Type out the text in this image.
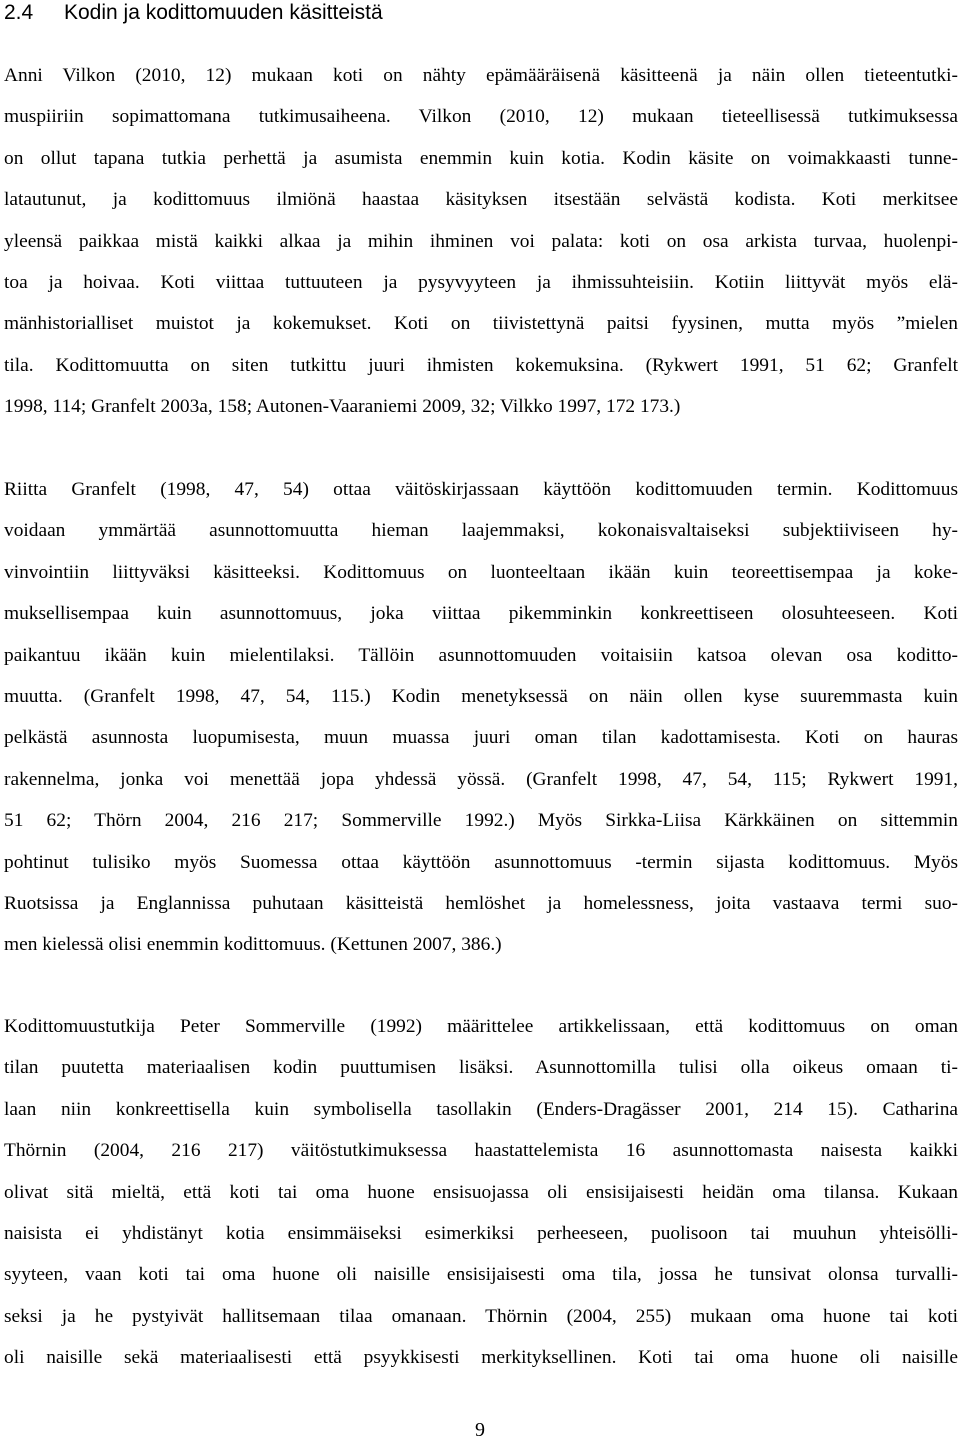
2.4 Kodin ja kodittomuuden käsitteistä
Anni Vilkon (2010, 12) mukaan koti on nähty epämääräisenä käsitteenä ja näin ollen tieteentutki-
muspiiriin sopimattomana tutkimusaiheena. Vilkon (2010, 12) mukaan tieteellisessä tutkimuksessa
on ollut tapana tutkia perhettä ja asumista enemmin kuin kotia. Kodin käsite on voimakkaasti tunne-
latautunut, ja kodittomuus ilmiönä haastaa käsityksen itsestään selvästä kodista. Koti merkitsee
yleensä paikkaa mistä kaikki alkaa ja mihin ihminen voi palata: koti on osa arkista turvaa, huolenpi-
toa ja hoivaa. Koti viittaa tuttuuteen ja pysyvyyteen ja ihmissuhteisiin. Kotiin liittyvät myös elä-
mänhistorialliset muistot ja kokemukset. Koti on tiivistettynä paitsi fyysinen, mutta myös ”mielen
tila. Kodittomuutta on siten tutkittu juuri ihmisten kokemuksina. (Rykwert 1991, 51 62; Granfelt
1998, 114; Granfelt 2003a, 158; Autonen-Vaaraniemi 2009, 32; Vilkko 1997, 172 173.)
Riitta Granfelt (1998, 47, 54) ottaa väitöskirjassaan käyttöön kodittomuuden termin. Kodittomuus
voidaan ymmärtää asunnottomuutta hieman laajemmaksi, kokonaisvaltaiseksi subjektiiviseen hy-
vinvointiin liittyväksi käsitteeksi. Kodittomuus on luonteeltaan ikään kuin teoreettisempaa ja koke-
muksellisempaa kuin asunnottomuus, joka viittaa pikemminkin konkreettiseen olosuhteeseen. Koti
paikantuu ikään kuin mielentilaksi. Tällöin asunnottomuuden voitaisiin katsoa olevan osa kodittо-
muutta. (Granfelt 1998, 47, 54, 115.) Kodin menetyksessä on näin ollen kyse suuremmasta kuin
pelkästä asunnosta luopumisesta, muun muassa juuri oman tilan kadottamisesta. Koti on hauras
rakennelma, jonka voi menettää jopa yhdessä yössä. (Granfelt 1998, 47, 54, 115; Rykwert 1991,
51 62; Thörn 2004, 216 217; Sommerville 1992.) Myös Sirkka-Liisa Kärkkäinen on sittemmin
pohtinut tulisiko myös Suomessa ottaa käyttöön asunnottomuus -termin sijasta kodittomuus. Myös
Ruotsissa ja Englannissa puhutaan käsitteistä hemlöshet ja homelessness, joita vastaava termi suo-
men kielessä olisi enemmin kodittomuus. (Kettunen 2007, 386.)
Kodittomuustutkija Peter Sommerville (1992) määrittelee artikkelissaan, että kodittomuus on oman
tilan puutetta materiaalisen kodin puuttumisen lisäksi. Asunnottomilla tulisi olla oikeus omaan ti-
laan niin konkreettisella kuin symbolisella tasollakin (Enders-Dragässer 2001, 214 15). Catharina
Thörnin (2004, 216 217) väitöstutkimuksessa haastattelemista 16 asunnottomasta naisesta kaikki
olivat sitä mieltä, että koti tai oma huone ensisuojassa oli ensisijaisesti heidän oma tilansa. Kukaan
naisista ei yhdistänyt kotia ensimmäiseksi esimerkiksi perheeseen, puolisoon tai muuhun yhteisölli-
syyteen, vaan koti tai oma huone oli naisille ensisijaisesti oma tila, jossa he tunsivat olonsa turvalli-
seksi ja he pystyivät hallitsemaan tilaa omanaan. Thörnin (2004, 255) mukaan oma huone tai koti
oli naisille sekä materiaalisesti että psyykkisesti merkityksellinen. Koti tai oma huone oli naisille
9
